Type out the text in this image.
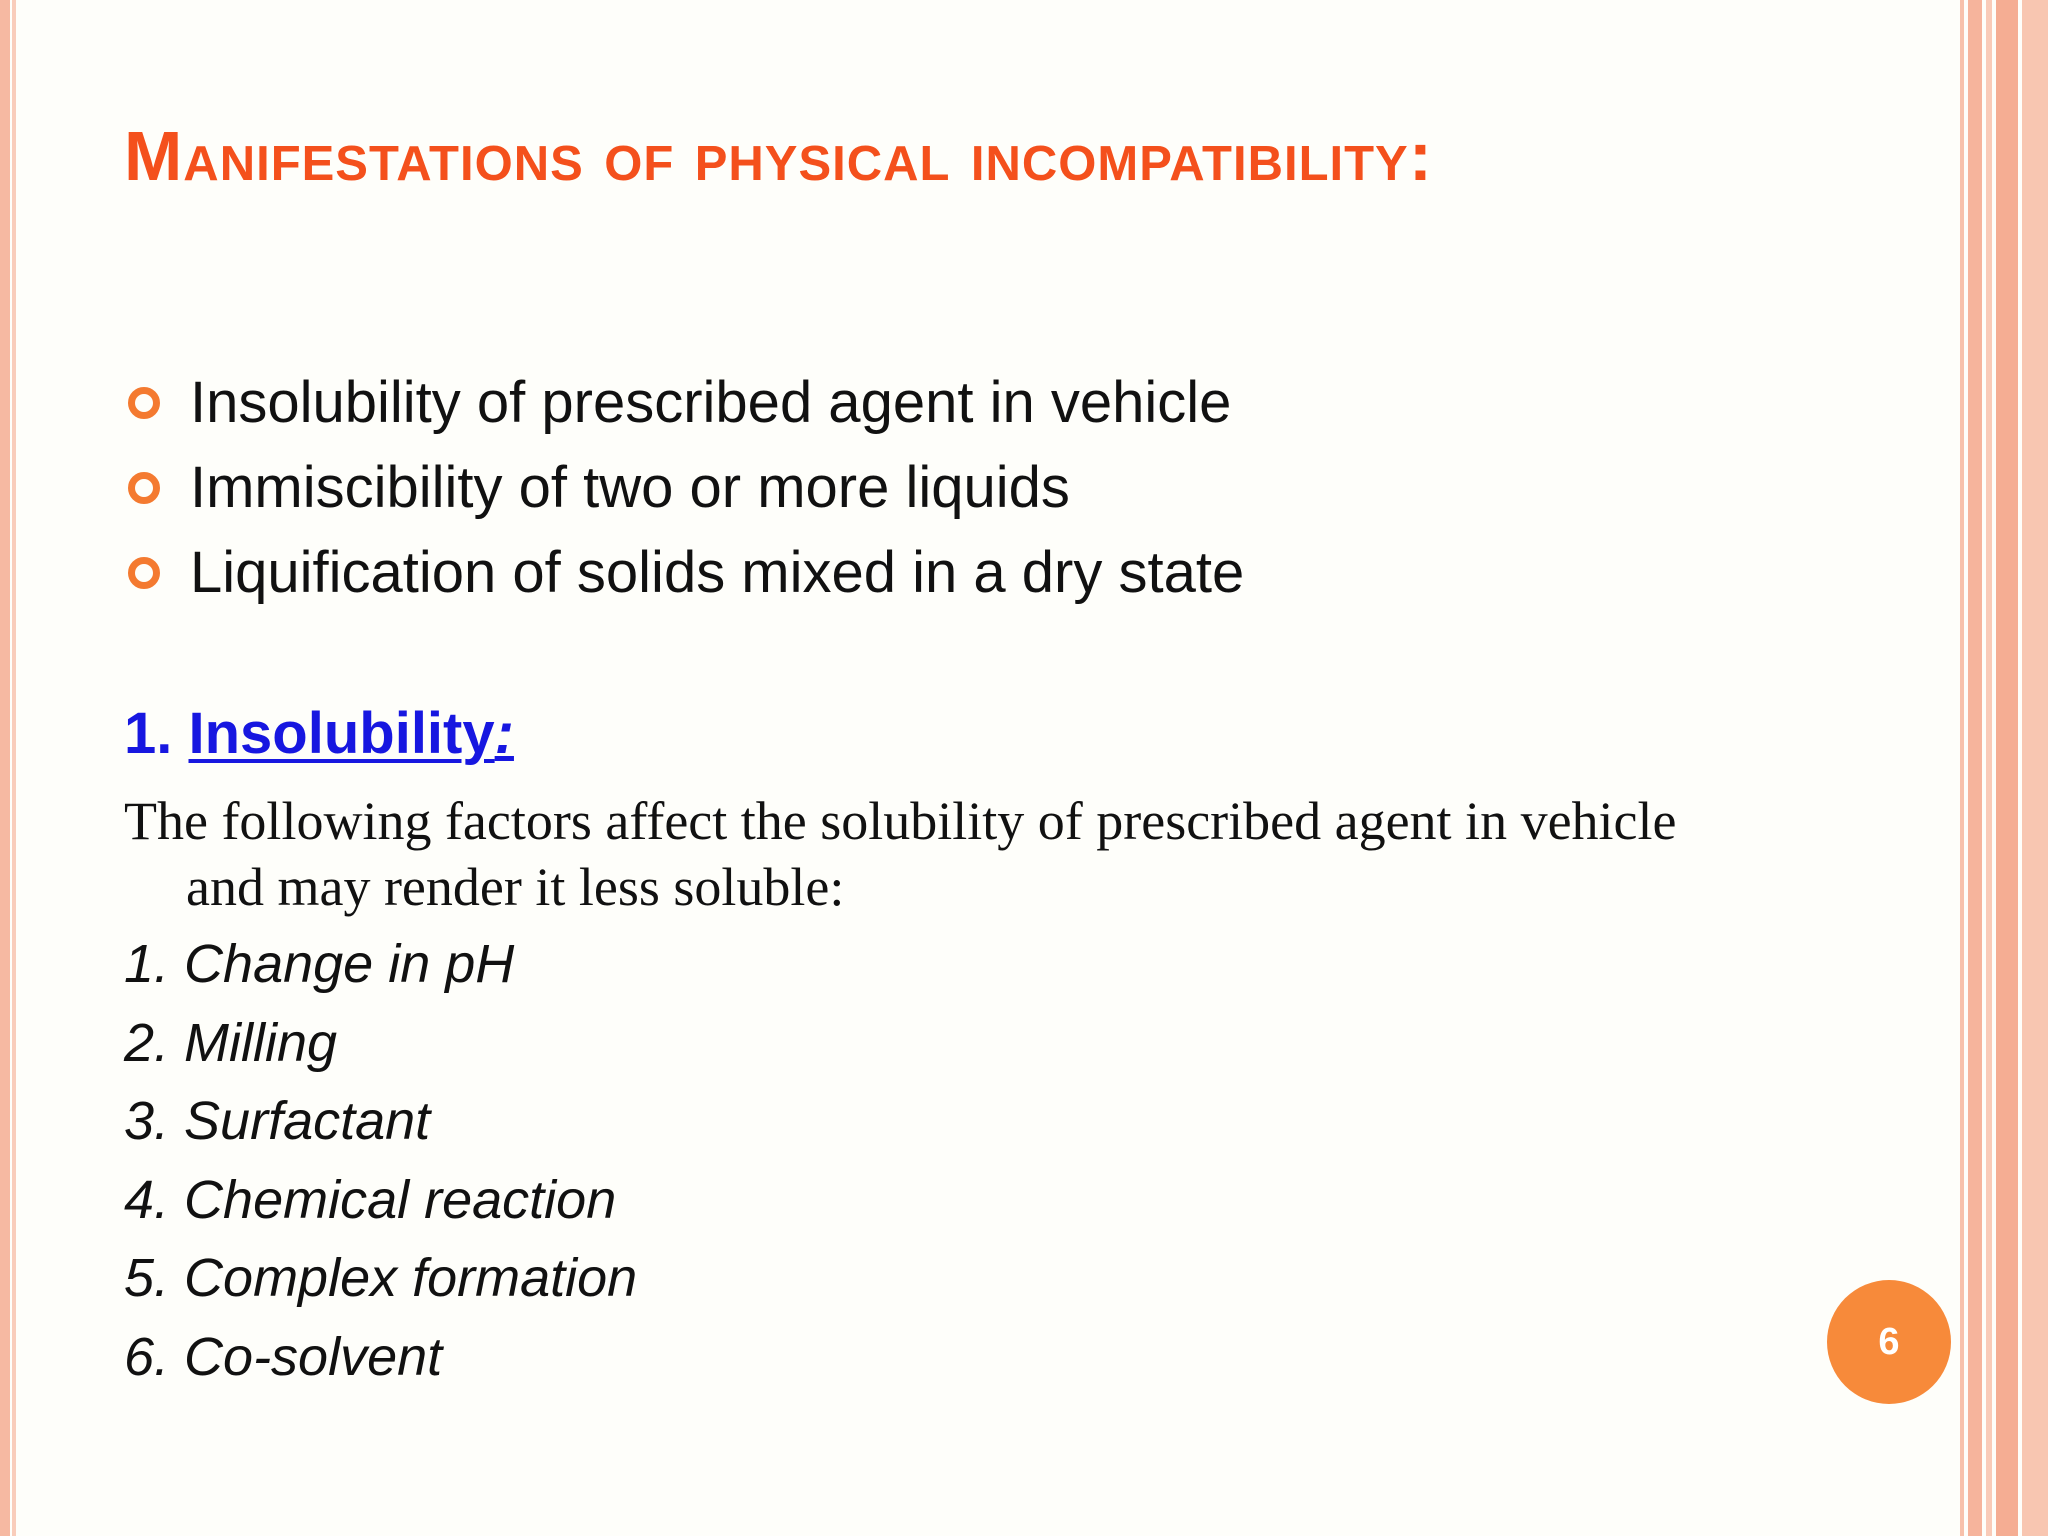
Manifestations of physical incompatibility:
Insolubility of prescribed agent in vehicle
Immiscibility of two or more liquids
Liquification of solids mixed in a dry state
1. Insolubility:

The following factors affect the solubility of prescribed agent in vehicle and may render it less soluble:

1. Change in pH
2. Milling
3. Surfactant
4. Chemical reaction
5. Complex formation
6. Co-solvent	6
